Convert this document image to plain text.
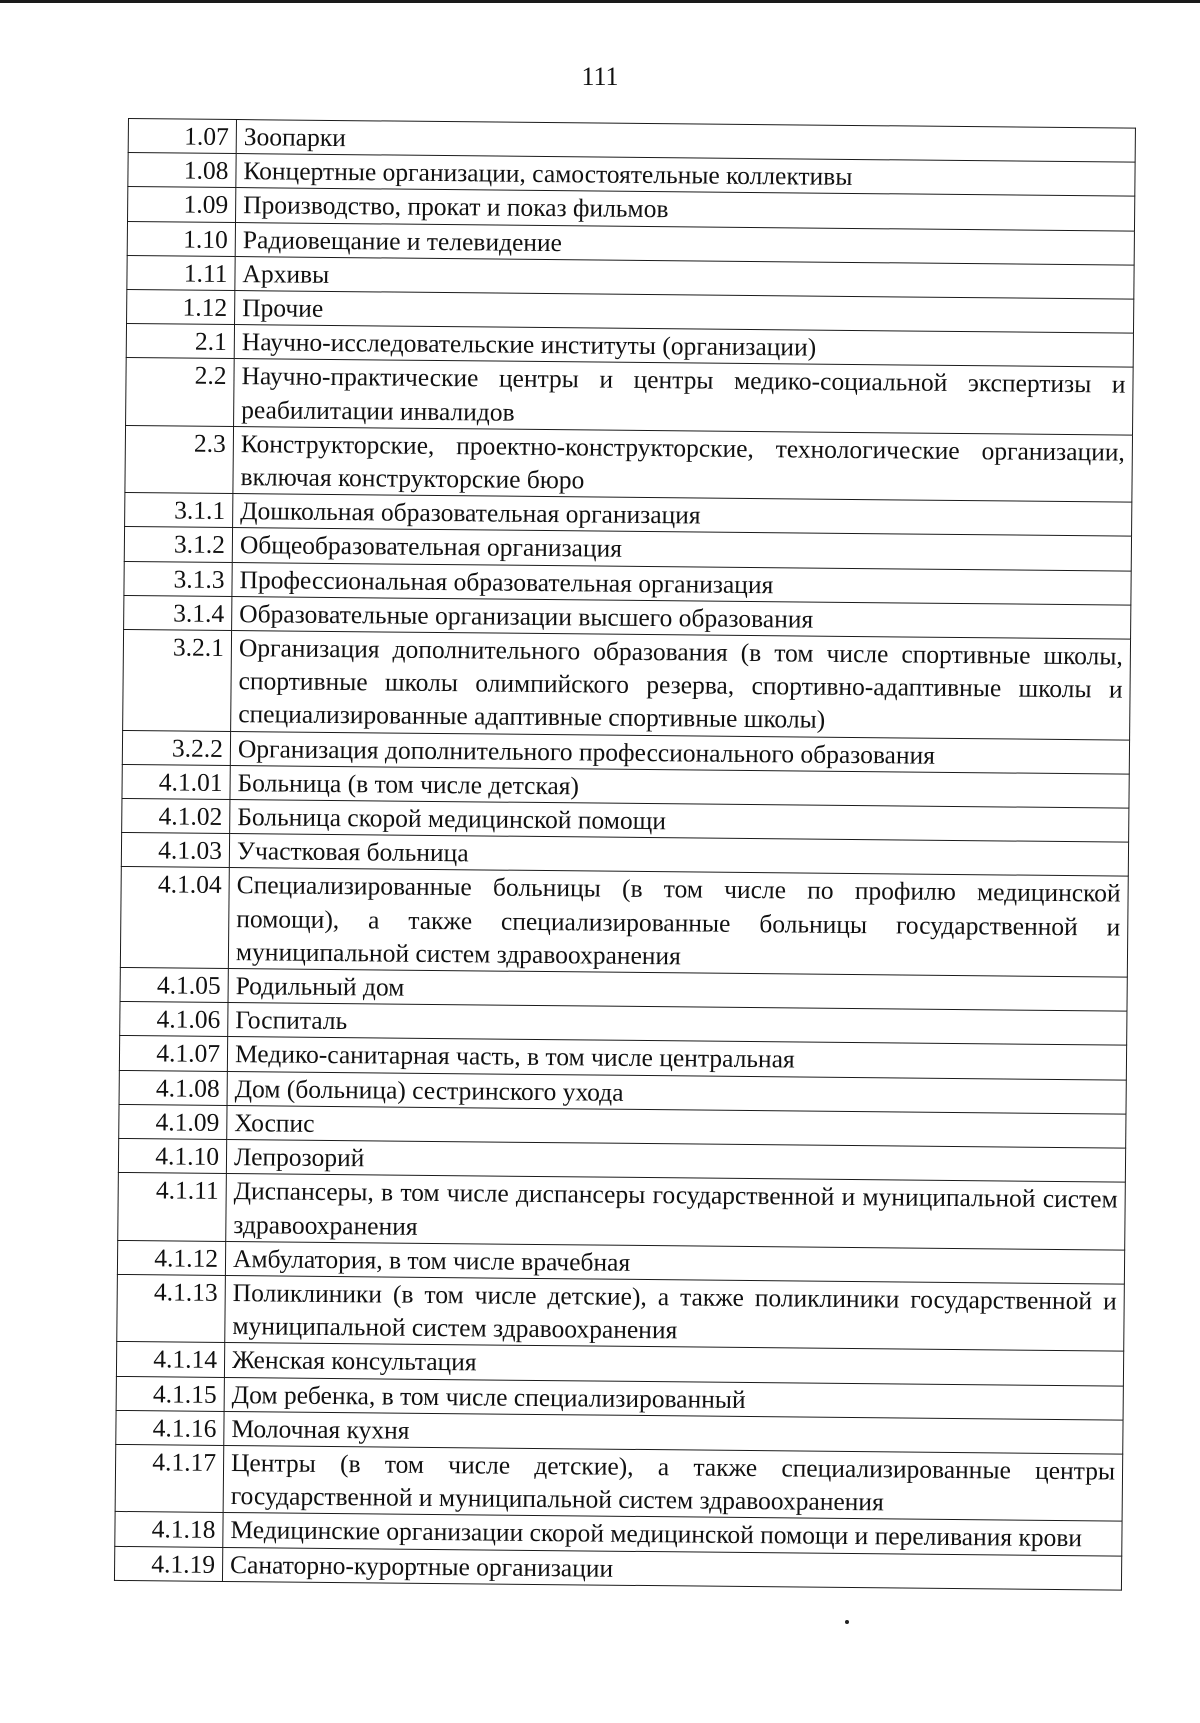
111
1.07	Зоопарки
1.08	Концертные организации, самостоятельные коллективы
1.09	Производство, прокат и показ фильмов
1.10	Радиовещание и телевидение
1.11	Архивы
1.12	Прочие
2.1	Научно-исследовательские институты (организации)
2.2	Научно-практические центры и центры медико-социальной экспертизы и реабилитации инвалидов
2.3	Конструкторские, проектно-конструкторские, технологические организации, включая конструкторские бюро
3.1.1	Дошкольная образовательная организация
3.1.2	Общеобразовательная организация
3.1.3	Профессиональная образовательная организация
3.1.4	Образовательные организации высшего образования
3.2.1	Организация дополнительного образования (в том числе спортивные школы, спортивные школы олимпийского резерва, спортивно-адаптивные школы и специализированные адаптивные спортивные школы)
3.2.2	Организация дополнительного профессионального образования
4.1.01	Больница (в том числе детская)
4.1.02	Больница скорой медицинской помощи
4.1.03	Участковая больница
4.1.04	Специализированные больницы (в том числе по профилю медицинской помощи), а также специализированные больницы государственной и муниципальной систем здравоохранения
4.1.05	Родильный дом
4.1.06	Госпиталь
4.1.07	Медико-санитарная часть, в том числе центральная
4.1.08	Дом (больница) сестринского ухода
4.1.09	Хоспис
4.1.10	Лепрозорий
4.1.11	Диспансеры, в том числе диспансеры государственной и муниципальной систем здравоохранения
4.1.12	Амбулатория, в том числе врачебная
4.1.13	Поликлиники (в том числе детские), а также поликлиники государственной и муниципальной систем здравоохранения
4.1.14	Женская консультация
4.1.15	Дом ребенка, в том числе специализированный
4.1.16	Молочная кухня
4.1.17	Центры (в том числе детские), а также специализированные центры государственной и муниципальной систем здравоохранения
4.1.18	Медицинские организации скорой медицинской помощи и переливания крови
4.1.19	Санаторно-курортные организации
